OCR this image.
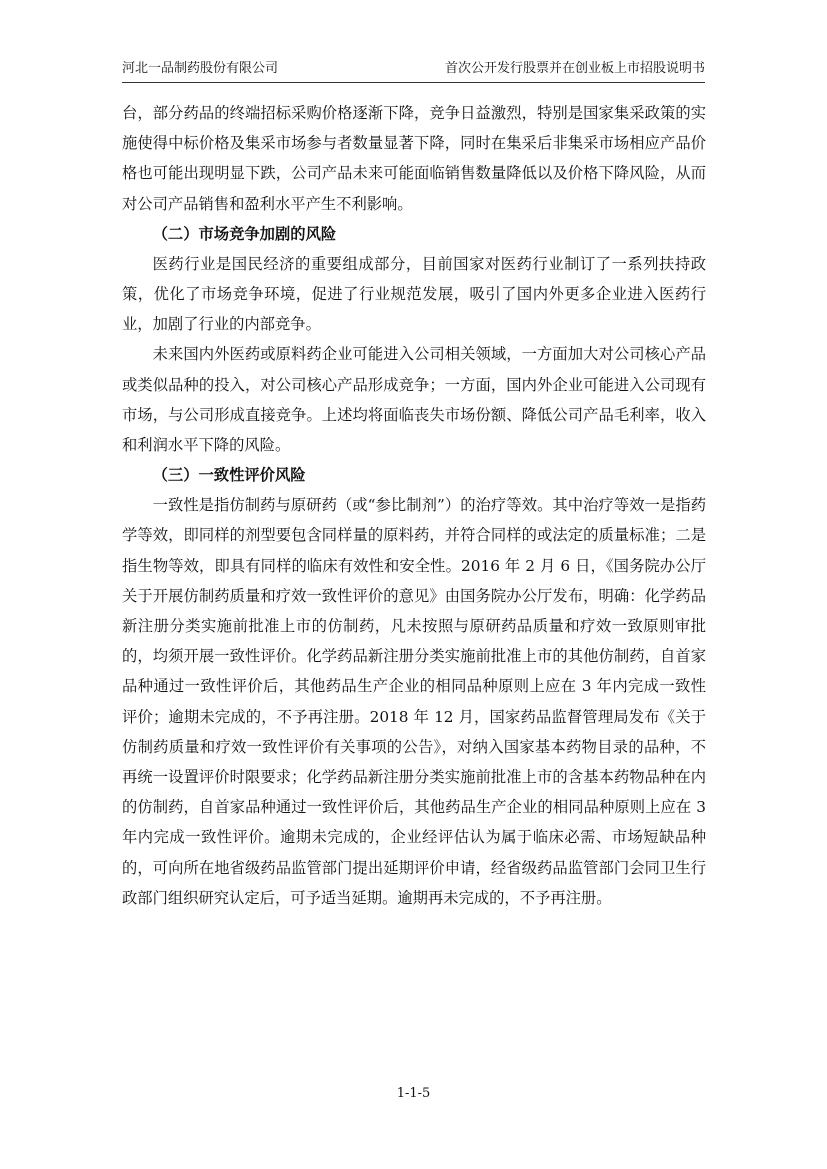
河北一品制药股份有限公司	首次公开发行股票并在创业板上市招股说明书

台，部分药品的终端招标采购价格逐渐下降，竞争日益激烈，特别是国家集采政策的实施使得中标价格及集采市场参与者数量显著下降，同时在集采后非集采市场相应产品价格也可能出现明显下跌，公司产品未来可能面临销售数量降低以及价格下降风险，从而对公司产品销售和盈利水平产生不利影响。

（二）市场竞争加剧的风险

医药行业是国民经济的重要组成部分，目前国家对医药行业制订了一系列扶持政策，优化了市场竞争环境，促进了行业规范发展，吸引了国内外更多企业进入医药行业，加剧了行业的内部竞争。

未来国内外医药或原料药企业可能进入公司相关领域，一方面加大对公司核心产品或类似品种的投入，对公司核心产品形成竞争；一方面，国内外企业可能进入公司现有市场，与公司形成直接竞争。上述均将面临丧失市场份额、降低公司产品毛利率，收入和利润水平下降的风险。

（三）一致性评价风险

一致性是指仿制药与原研药（或“参比制剂”）的治疗等效。其中治疗等效一是指药学等效，即同样的剂型要包含同样量的原料药，并符合同样的或法定的质量标准；二是指生物等效，即具有同样的临床有效性和安全性。2016 年 2 月 6 日，《国务院办公厅关于开展仿制药质量和疗效一致性评价的意见》由国务院办公厅发布，明确：化学药品新注册分类实施前批准上市的仿制药，凡未按照与原研药品质量和疗效一致原则审批的，均须开展一致性评价。化学药品新注册分类实施前批准上市的其他仿制药，自首家品种通过一致性评价后，其他药品生产企业的相同品种原则上应在 3 年内完成一致性评价；逾期未完成的，不予再注册。2018 年 12 月，国家药品监督管理局发布《关于仿制药质量和疗效一致性评价有关事项的公告》，对纳入国家基本药物目录的品种，不再统一设置评价时限要求；化学药品新注册分类实施前批准上市的含基本药物品种在内的仿制药，自首家品种通过一致性评价后，其他药品生产企业的相同品种原则上应在 3 年内完成一致性评价。逾期未完成的，企业经评估认为属于临床必需、市场短缺品种的，可向所在地省级药品监管部门提出延期评价申请，经省级药品监管部门会同卫生行政部门组织研究认定后，可予适当延期。逾期再未完成的，不予再注册。

1-1-5
